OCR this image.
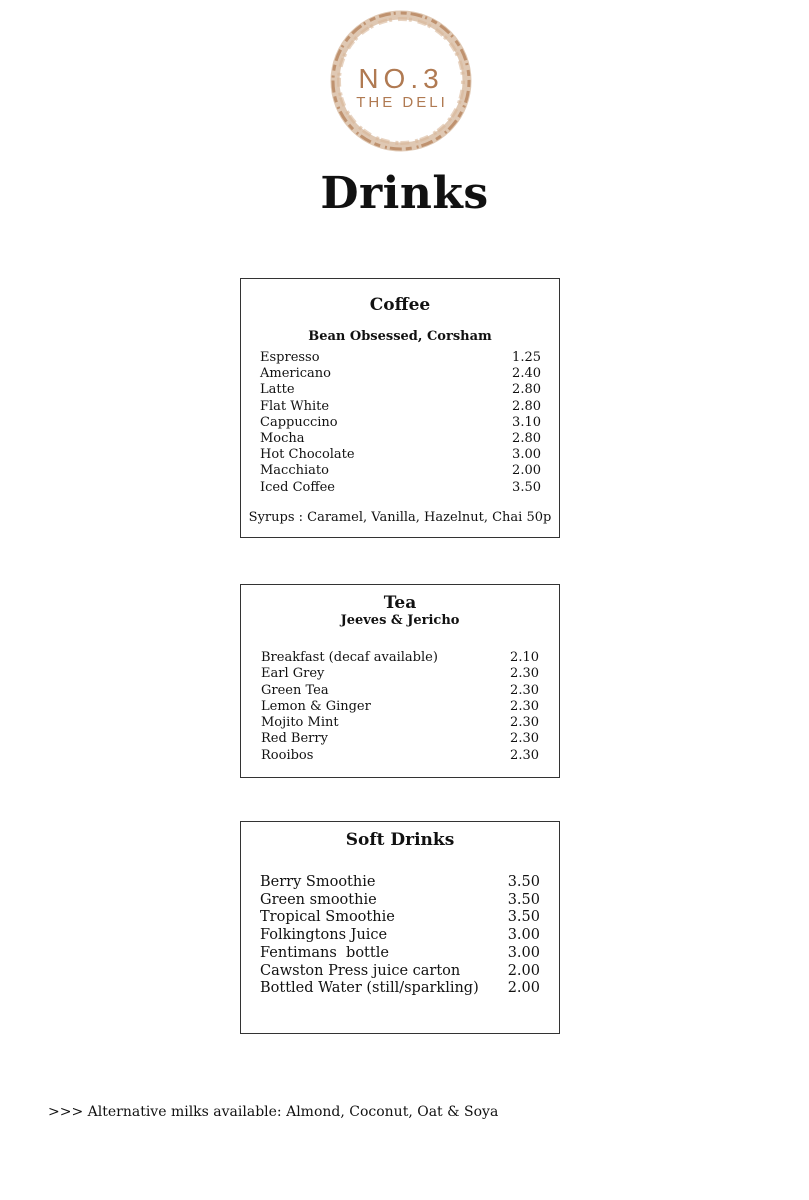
NO.3
THE DELI
Drinks
Coffee
Bean Obsessed, Corsham
Espresso	1.25
Americano	2.40
Latte	2.80
Flat White	2.80
Cappuccino	3.10
Mocha	2.80
Hot Chocolate	3.00
Macchiato	2.00
Iced Coffee	3.50
Syrups : Caramel, Vanilla, Hazelnut, Chai 50p
Tea
Jeeves & Jericho
Breakfast (decaf available)	2.10
Earl Grey	2.30
Green Tea	2.30
Lemon & Ginger	2.30
Mojito Mint	2.30
Red Berry	2.30
Rooibos	2.30
Soft Drinks
Berry Smoothie	3.50
Green smoothie	3.50
Tropical Smoothie	3.50
Folkingtons Juice	3.00
Fentimans  bottle	3.00
Cawston Press juice carton	2.00
Bottled Water (still/sparkling) 2.00
>>> Alternative milks available: Almond, Coconut, Oat & Soya
